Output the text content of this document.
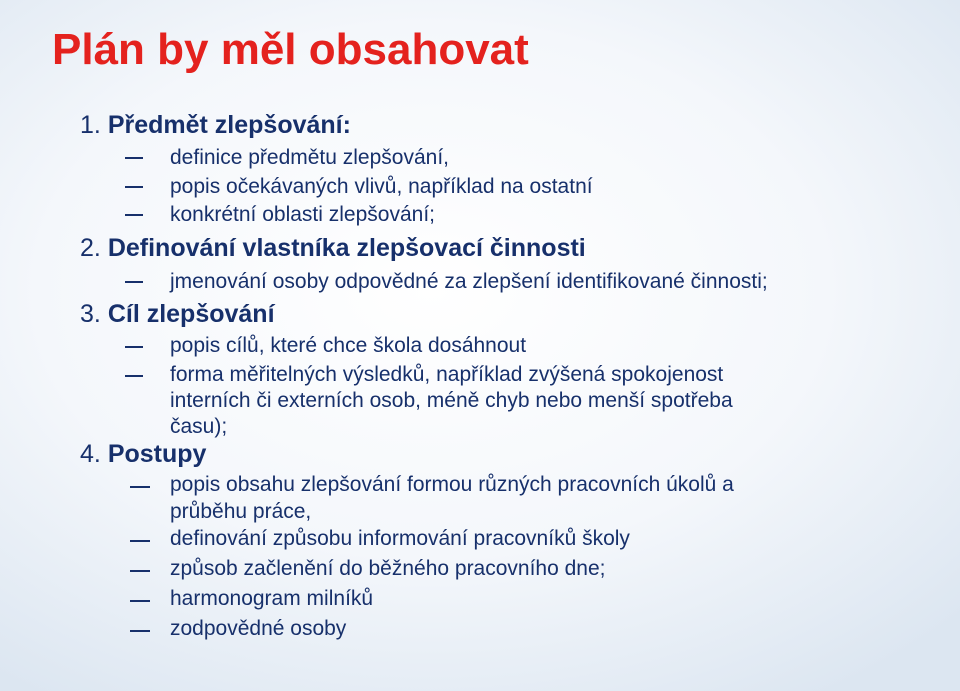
Plán by měl obsahovat
1. Předmět zlepšování:
definice předmětu zlepšování,
popis očekávaných vlivů, například na ostatní
konkrétní oblasti zlepšování;
2. Definování vlastníka zlepšovací činnosti
jmenování osoby odpovědné za zlepšení identifikované činnosti;
3. Cíl zlepšování
popis cílů, které chce škola dosáhnout
forma měřitelných výsledků, například zvýšená spokojenost
interních či externích osob, méně chyb nebo menší spotřeba
času);
4. Postupy
popis obsahu zlepšování formou různých pracovních úkolů a
průběhu práce,
definování způsobu informování pracovníků školy
způsob začlenění do běžného pracovního dne;
harmonogram milníků
zodpovědné osoby
